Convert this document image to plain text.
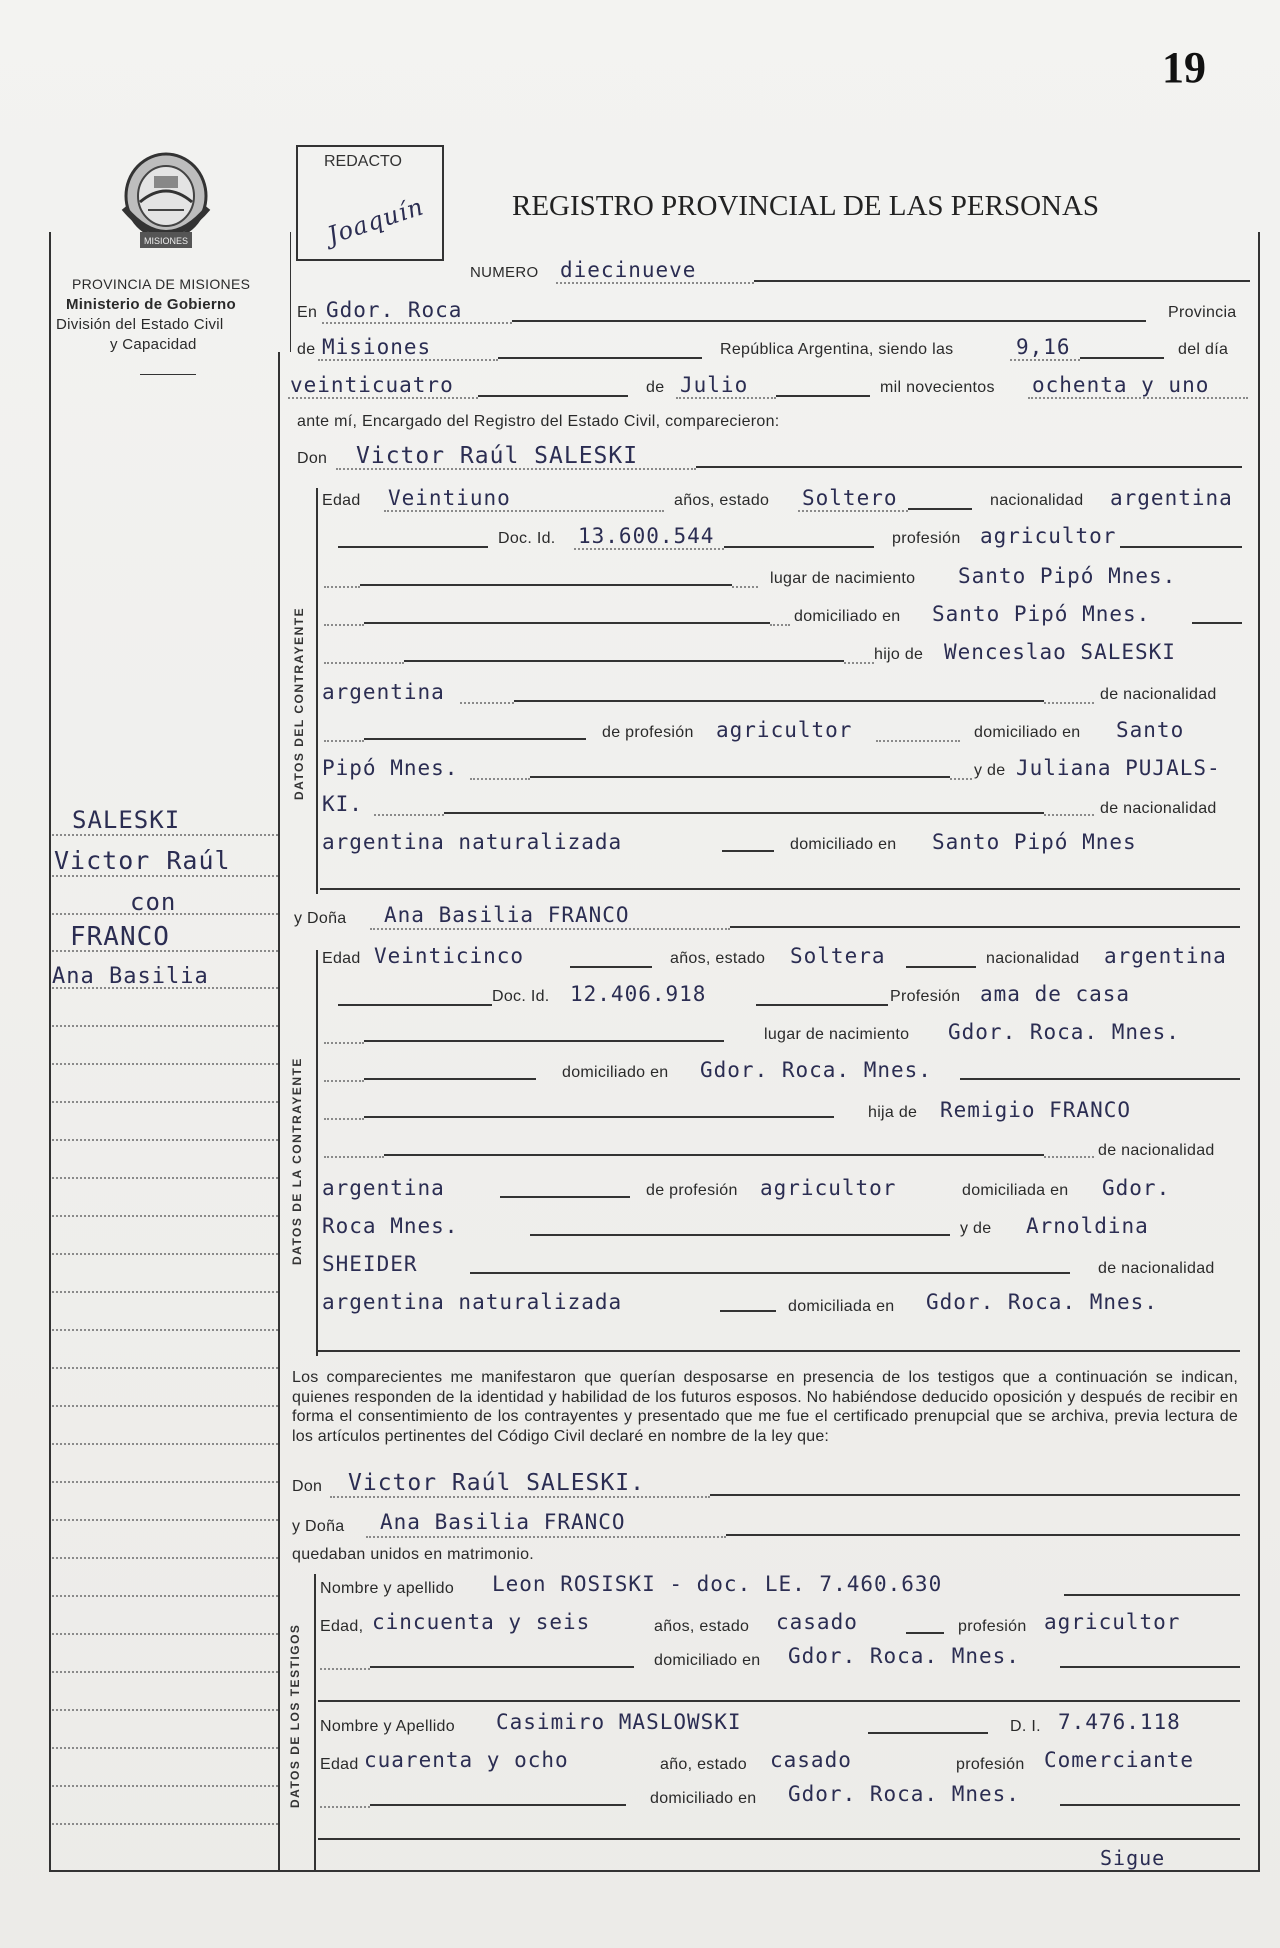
19
MISIONES
PROVINCIA DE MISIONES
Ministerio de Gobierno
División del Estado Civil
y Capacidad
REDACTO
Joaquín	REGISTRO PROVINCIAL DE LAS PERSONAS
SALESKI
Victor Raúl
con
FRANCO
Ana Basilia
NUMERO diecinueve
En Gdor. Roca	Provincia
de Misiones	República Argentina, siendo las	9,16	del día
veinticuatro	de Julio	mil novecientos ochenta y uno
ante mí, Encargado del Registro del Estado Civil, comparecieron:
Don Victor Raúl SALESKI
DATOS DEL CONTRAYENTE
Edad Veintiuno	años, estado Soltero	nacionalidad argentina
Doc. Id. 13.600.544	profesión agricultor
lugar de nacimiento Santo Pipó Mnes.
domiciliado en Santo Pipó Mnes.
hijo de Wenceslao SALESKI
argentina	de nacionalidad
de profesión agricultor	domiciliado en Santo
Pipó Mnes.	y de Juliana PUJALS-
KI.	de nacionalidad
argentina naturalizada	domiciliado en Santo Pipó Mnes
y Doña Ana Basilia FRANCO
DATOS DE LA CONTRAYENTE
Edad Veinticinco	años, estado Soltera	nacionalidad argentina
Doc. Id. 12.406.918	Profesión ama de casa
lugar de nacimiento Gdor. Roca. Mnes.
domiciliado en Gdor. Roca. Mnes.
hija de Remigio FRANCO
de nacionalidad
argentina	de profesión agricultor	domiciliada en Gdor.
Roca Mnes.	y de Arnoldina
SHEIDER	de nacionalidad
argentina naturalizada	domiciliada en Gdor. Roca. Mnes.
Los comparecientes me manifestaron que querían desposarse en presencia de los testigos que a continuación se indican, quienes responden de la identidad y habilidad de los futuros esposos. No habiéndose deducido oposición y después de recibir en forma el consentimiento de los contrayentes y presentado que me fue el certificado prenupcial que se archiva, previa lectura de los artículos pertinentes del Código Civil declaré en nombre de la ley que:
Don Victor Raúl SALESKI.
y Doña Ana Basilia FRANCO
quedaban unidos en matrimonio.
DATOS DE LOS TESTIGOS
Nombre y apellido Leon ROSISKI - doc. LE. 7.460.630
Edad, cincuenta y seis	años, estado casado	profesión agricultor
domiciliado en Gdor. Roca. Mnes.
Nombre y Apellido Casimiro MASLOWSKI	D. I. 7.476.118
Edad cuarenta y ocho	año, estado casado	profesión Comerciante
domiciliado en Gdor. Roca. Mnes.
Sigue
